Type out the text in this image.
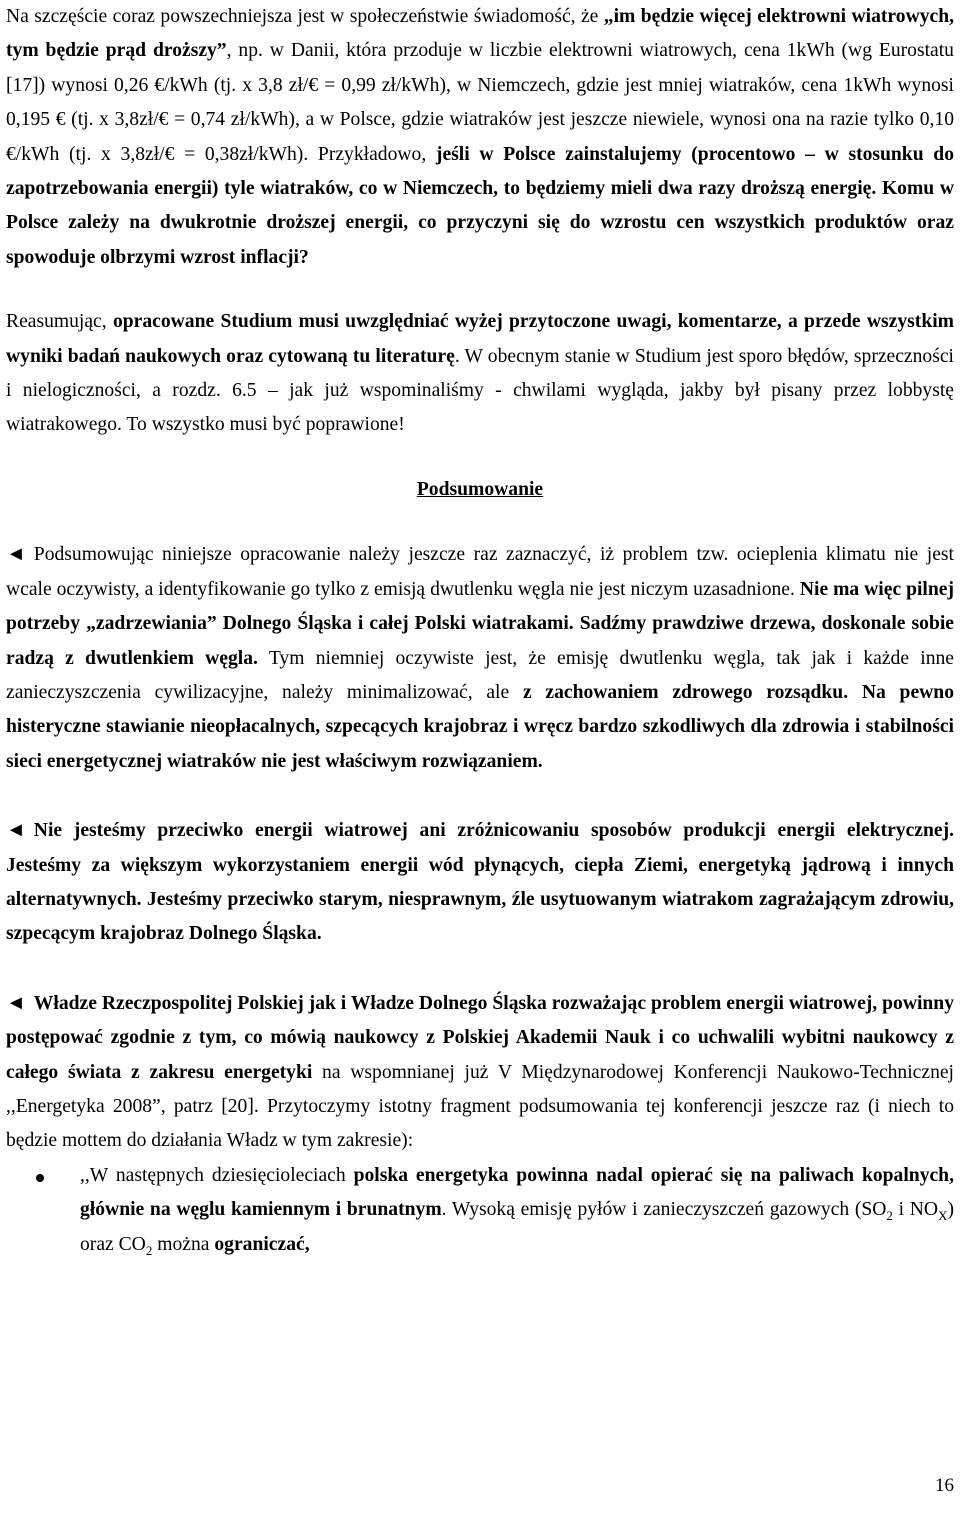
Na szczęście coraz powszechniejsza jest w społeczeństwie świadomość, że „im będzie więcej elektrowni wiatrowych, tym będzie prąd droższy”, np. w Danii, która przoduje w liczbie elektrowni wiatrowych, cena 1kWh (wg Eurostatu [17]) wynosi 0,26 €/kWh (tj. x 3,8 zł/€ = 0,99 zł/kWh), w Niemczech, gdzie jest mniej wiatraków, cena 1kWh wynosi 0,195 € (tj. x 3,8zł/€ = 0,74 zł/kWh), a w Polsce, gdzie wiatraków jest jeszcze niewiele, wynosi ona na razie tylko 0,10 €/kWh (tj. x 3,8zł/€ = 0,38zł/kWh). Przykładowo, jeśli w Polsce zainstalujemy (procentowo – w stosunku do zapotrzebowania energii) tyle wiatraków, co w Niemczech, to będziemy mieli dwa razy droższą energię. Komu w Polsce zależy na dwukrotnie droższej energii, co przyczyni się do wzrostu cen wszystkich produktów oraz spowoduje olbrzymi wzrost inflacji?

Reasumując, opracowane Studium musi uwzględniać wyżej przytoczone uwagi, komentarze, a przede wszystkim wyniki badań naukowych oraz cytowaną tu literaturę. W obecnym stanie w Studium jest sporo błędów, sprzeczności i nielogiczności, a rozdz. 6.5 – jak już wspominaliśmy - chwilami wygląda, jakby był pisany przez lobbystę wiatrakowego. To wszystko musi być poprawione!

Podsumowanie

◄ Podsumowując niniejsze opracowanie należy jeszcze raz zaznaczyć, iż problem tzw. ocieplenia klimatu nie jest wcale oczywisty, a identyfikowanie go tylko z emisją dwutlenku węgla nie jest niczym uzasadnione. Nie ma więc pilnej potrzeby „zadrzewiania” Dolnego Śląska i całej Polski wiatrakami. Sadźmy prawdziwe drzewa, doskonale sobie radzą z dwutlenkiem węgla. Tym niemniej oczywiste jest, że emisję dwutlenku węgla, tak jak i każde inne zanieczyszczenia cywilizacyjne, należy minimalizować, ale z zachowaniem zdrowego rozsądku. Na pewno histeryczne stawianie nieopłacalnych, szpecących krajobraz i wręcz bardzo szkodliwych dla zdrowia i stabilności sieci energetycznej wiatraków nie jest właściwym rozwiązaniem.

◄ Nie jesteśmy przeciwko energii wiatrowej ani zróżnicowaniu sposobów produkcji energii elektrycznej. Jesteśmy za większym wykorzystaniem energii wód płynących, ciepła Ziemi, energetyką jądrową i innych alternatywnych. Jesteśmy przeciwko starym, niesprawnym, źle usytuowanym wiatrakom zagrażającym zdrowiu, szpecącym krajobraz Dolnego Śląska.

◄ Władze Rzeczpospolitej Polskiej jak i Władze Dolnego Śląska rozważając problem energii wiatrowej, powinny postępować zgodnie z tym, co mówią naukowcy z Polskiej Akademii Nauk i co uchwalili wybitni naukowcy z całego świata z zakresu energetyki na wspomnianej już V Międzynarodowej Konferencji Naukowo-Technicznej ,,Energetyka 2008”, patrz [20]. Przytoczymy istotny fragment podsumowania tej konferencji jeszcze raz (i niech to będzie mottem do działania Władz w tym zakresie):

,,W następnych dziesięcioleciach polska energetyka powinna nadal opierać się na paliwach kopalnych, głównie na węglu kamiennym i brunatnym. Wysoką emisję pyłów i zanieczyszczeń gazowych ($SO_2$ i $NO_X$) oraz $CO_2$ można ograniczać,
16
